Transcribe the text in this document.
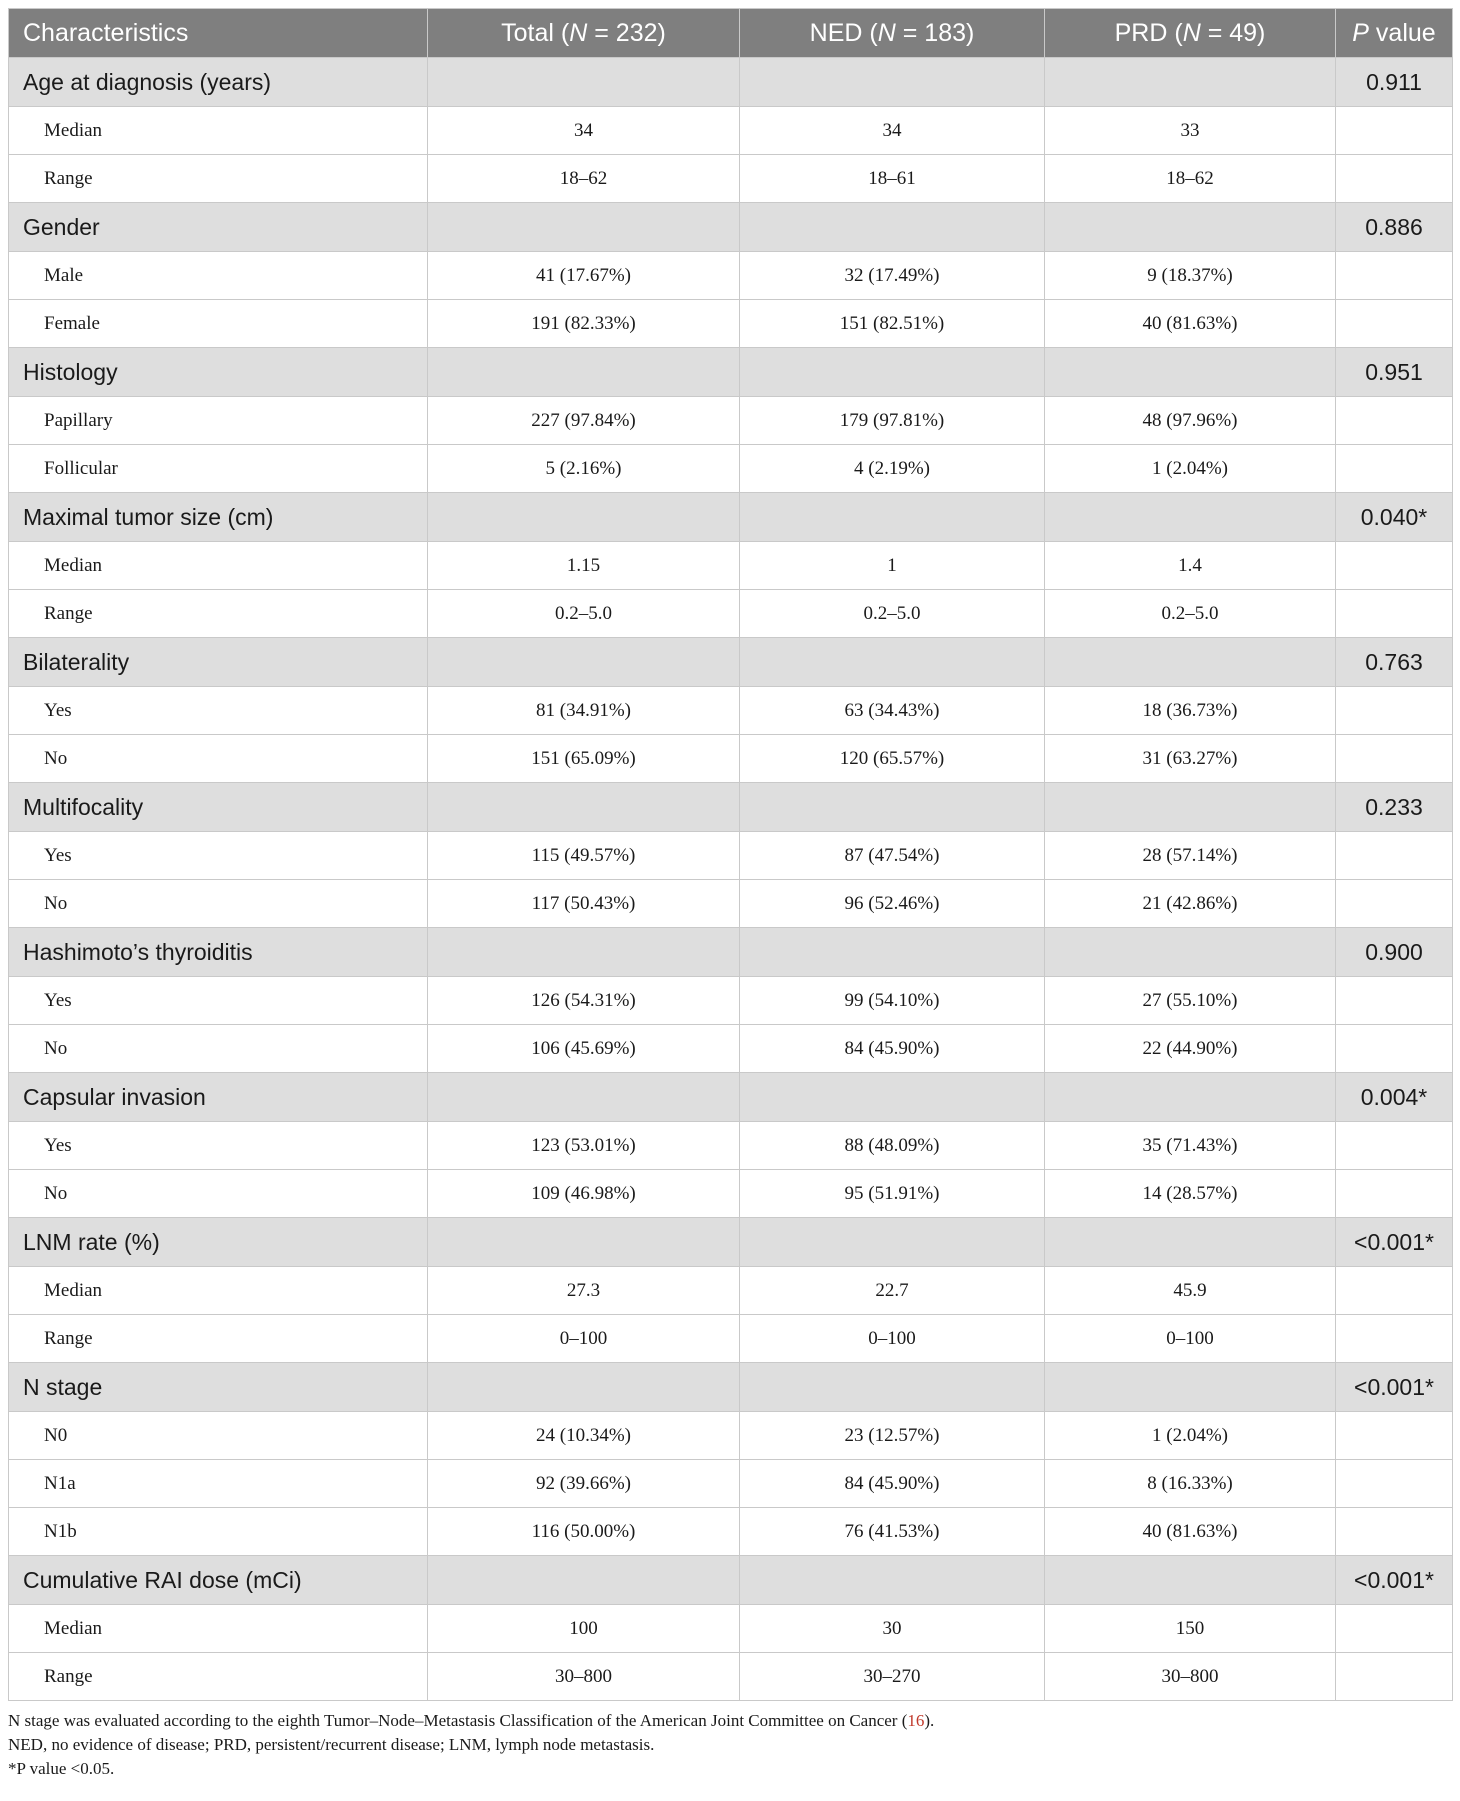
Characteristics	Total (N = 232)	NED (N = 183)	PRD (N = 49)	P value
Age at diagnosis (years)				0.911
Median	34	34	33	
Range	18–62	18–61	18–62	
Gender				0.886
Male	41 (17.67%)	32 (17.49%)	9 (18.37%)	
Female	191 (82.33%)	151 (82.51%)	40 (81.63%)	
Histology				0.951
Papillary	227 (97.84%)	179 (97.81%)	48 (97.96%)	
Follicular	5 (2.16%)	4 (2.19%)	1 (2.04%)	
Maximal tumor size (cm)				0.040*
Median	1.15	1	1.4	
Range	0.2–5.0	0.2–5.0	0.2–5.0	
Bilaterality				0.763
Yes	81 (34.91%)	63 (34.43%)	18 (36.73%)	
No	151 (65.09%)	120 (65.57%)	31 (63.27%)	
Multifocality				0.233
Yes	115 (49.57%)	87 (47.54%)	28 (57.14%)	
No	117 (50.43%)	96 (52.46%)	21 (42.86%)	
Hashimoto’s thyroiditis				0.900
Yes	126 (54.31%)	99 (54.10%)	27 (55.10%)	
No	106 (45.69%)	84 (45.90%)	22 (44.90%)	
Capsular invasion				0.004*
Yes	123 (53.01%)	88 (48.09%)	35 (71.43%)	
No	109 (46.98%)	95 (51.91%)	14 (28.57%)	
LNM rate (%)				<0.001*
Median	27.3	22.7	45.9	
Range	0–100	0–100	0–100	
N stage				<0.001*
N0	24 (10.34%)	23 (12.57%)	1 (2.04%)	
N1a	92 (39.66%)	84 (45.90%)	8 (16.33%)	
N1b	116 (50.00%)	76 (41.53%)	40 (81.63%)	
Cumulative RAI dose (mCi)				<0.001*
Median	100	30	150	
Range	30–800	30–270	30–800	
N stage was evaluated according to the eighth Tumor–Node–Metastasis Classification of the American Joint Committee on Cancer (16).
NED, no evidence of disease; PRD, persistent/recurrent disease; LNM, lymph node metastasis.
*P value <0.05.
